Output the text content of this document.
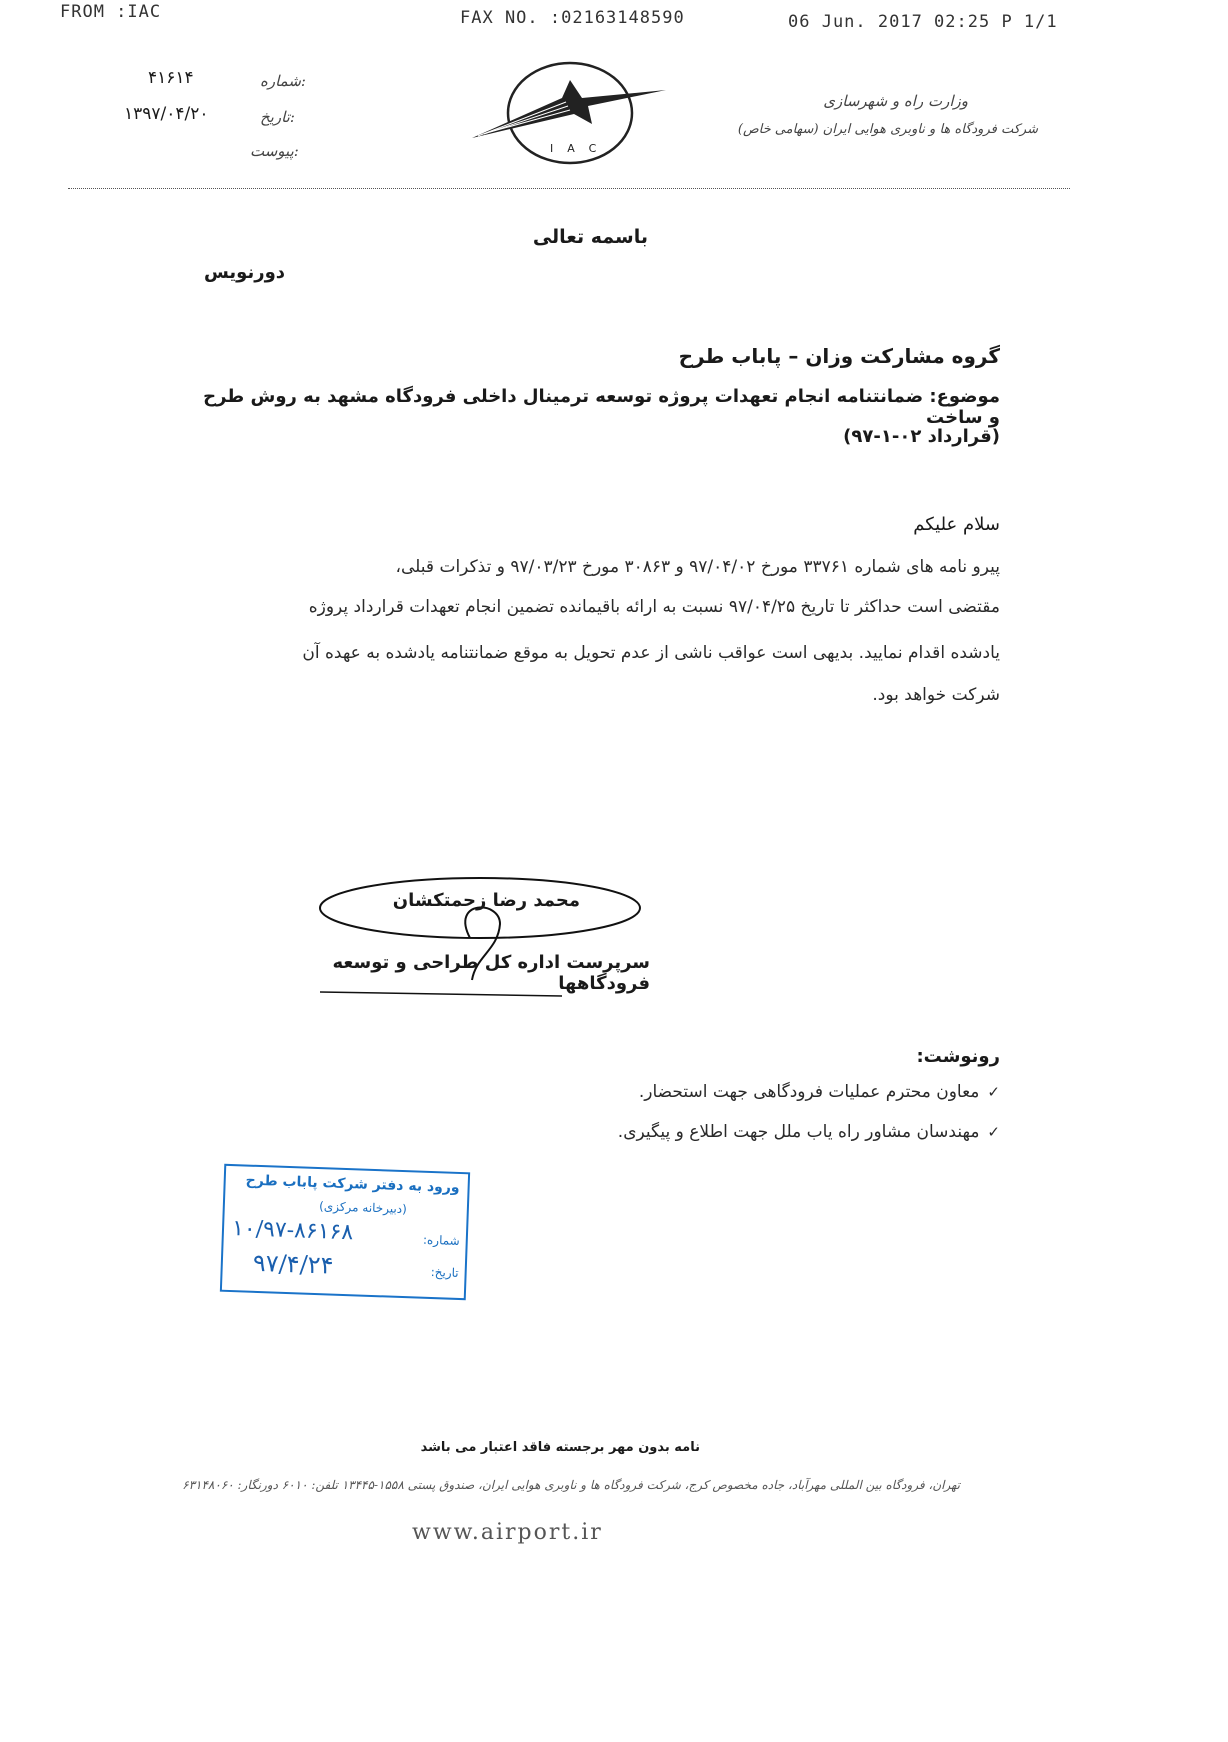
FROM :IAC	FAX NO. :02163148590	06 Jun. 2017 02:25 P 1/1
۴۱۶۱۴	شماره:
۱۳۹۷/۰۴/۲۰	تاریخ:
پیوست:	IAC
وزارت راه و شهرسازی
شرکت فرودگاه ها و ناوبری هوایی ایران (سهامی خاص)
باسمه تعالی
دورنویس
گروه مشارکت وزان – پاباب طرح
موضوع: ضمانتنامه انجام تعهدات پروژه توسعه ترمینال داخلی فرودگاه مشهد به روش طرح و ساخت
(قرارداد ۰۲-۱-۹۷)
سلام علیکم
پیرو نامه های شماره ۳۳۷۶۱ مورخ ۹۷/۰۴/۰۲ و ۳۰۸۶۳ مورخ ۹۷/۰۳/۲۳ و تذکرات قبلی،
مقتضی است حداکثر تا تاریخ ۹۷/۰۴/۲۵ نسبت به ارائه باقیمانده تضمین انجام تعهدات قرارداد پروژه
یادشده اقدام نمایید. بدیهی است عواقب ناشی از عدم تحویل به موقع ضمانتنامه یادشده به عهده آن
شرکت خواهد بود.
محمد رضا زحمتکشان
سرپرست اداره کل طراحی و توسعه فرودگاهها
رونوشت:
✓معاون محترم عملیات فرودگاهی جهت استحضار.
✓مهندسان مشاور راه یاب ملل جهت اطلاع و پیگیری.
ورود به دفتر شرکت پاباب طرح
(دبیرخانه مرکزی)
شماره:
۱۰/۹۷-۸۶۱۶۸
تاریخ:
۹۷/۴/۲۴
نامه بدون مهر برجسته فاقد اعتبار می باشد
تهران، فرودگاه بین المللی مهرآباد، جاده مخصوص کرج، شرکت فرودگاه ها و ناوبری هوایی ایران، صندوق پستی ۱۵۵۸-۱۳۴۴۵ تلفن: ۶۰۱۰ دورنگار: ۶۳۱۴۸۰۶۰
www.airport.ir
